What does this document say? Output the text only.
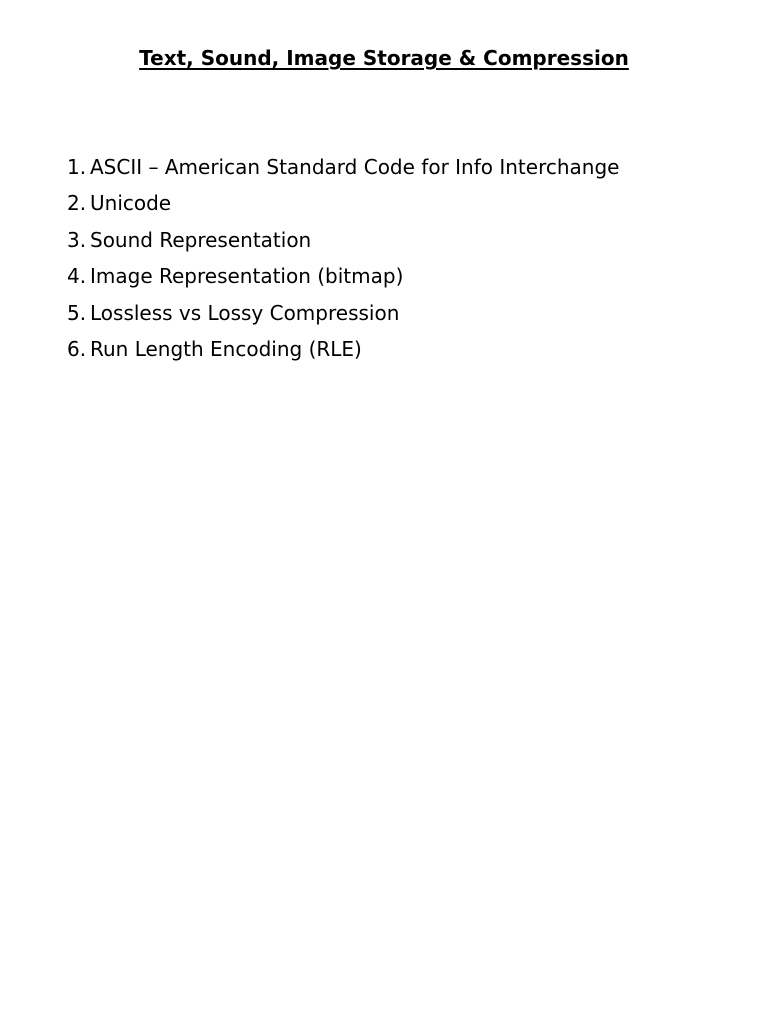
Text, Sound, Image Storage & Compression
1. ASCII – American Standard Code for Info Interchange
2. Unicode
3. Sound Representation
4. Image Representation (bitmap)
5. Lossless vs Lossy Compression
6. Run Length Encoding (RLE)
